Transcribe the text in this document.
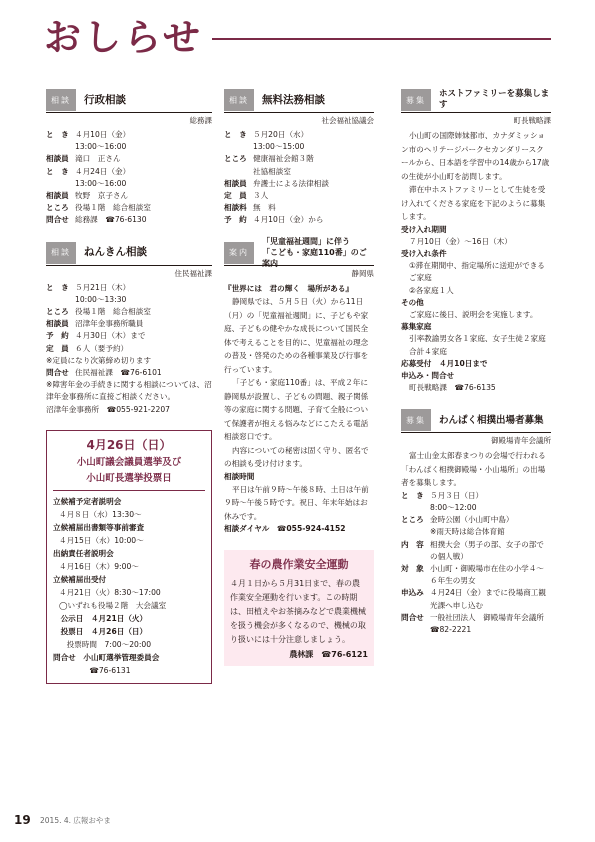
おしらせ
相談	行政相談
総務課
と　き ４月10日（金）
13:00〜16:00
相談員 滝口　正さん
と　き ４月24日（金）
13:00〜16:00
相談員 牧野　京子さん
ところ 役場１階　総合相談室
問合せ 総務課　☎76-6130
相談	ねんきん相談
住民福祉課
と　き ５月21日（木）
10:00〜13:30
ところ 役場１階　総合相談室
相談員 沼津年金事務所職員
予　約 ４月30日（木）まで
定　員 ６人（要予約）
※定員になり次第締め切ります
問合せ 住民福祉課　☎76-6101
※障害年金の手続きに関する相談については、沼津年金事務所に直接ご相談ください。
沼津年金事務所　☎055-921-2207
4月26日（日）
小山町議会議員選挙及び
小山町長選挙投票日
立候補予定者説明会
４月８日（水）13:30〜
立候補届出書類等事前審査
４月15日（水）10:00〜
出納責任者説明会
４月16日（木）9:00〜
立候補届出受付
４月21日（火）8:30〜17:00
◯いずれも役場２階　大会議室
　公示日　４月21日（火）
　投票日　４月26日（日）
　投票時間　7:00〜20:00
問合せ　小山町選挙管理委員会
　　　　☎76-6131
相談	無料法務相談
社会福祉協議会
と　き ５月20日（水）
13:00〜15:00
ところ 健康福祉会館３階
社協相談室
相談員 弁護士による法律相談
定　員 ３人
相談料 無　料
予　約 ４月10日（金）から
案内
「児童福祉週間」に伴う
「こども・家庭110番」のご案内
静岡県

『世界には　君の輝く　場所がある』

静岡県では、５月５日（火）から11日（月）の「児童福祉週間」に、子どもや家庭、子どもの健やかな成長について国民全体で考えることを目的に、児童福祉の理念の普及・啓発のための各種事業及び行事を行っています。

「子ども・家庭110番」は、平成２年に静岡県が設置し、子どもの問題、親子関係等の家庭に関する問題、子育て全般について保護者が抱える悩みなどにこたえる電話相談窓口です。

内容についての秘密は固く守り、匿名での相談も受け付けます。

相談時間

平日は午前９時〜午後８時、土日は午前９時〜午後５時です。祝日、年末年始はお休みです。

相談ダイヤル　☎055-924-4152
春の農作業安全運動
４月１日から５月31日まで、春の農作業安全運動を行います。この時期は、田植えやお茶摘みなどで農業機械を扱う機会が多くなるので、機械の取り扱いには十分注意しましょう。
農林課　☎76-6121
募集
ホストファミリーを募集します
町長戦略課

小山町の国際姉妹都市、カナダミッション市のヘリテージパークセカンダリースクールから、日本語を学習中の14歳から17歳の生徒が小山町を訪問します。

滞在中ホストファミリーとして生徒を受け入れてくださる家庭を下記のように募集します。

受け入れ期間
７月10日（金）〜16日（木）
受け入れ条件
①滞在期間中、指定場所に送迎ができるご家庭
②各家庭１人
その他
ご家庭に後日、説明会を実施します。
募集家庭
引率教諭男女各１家庭、女子生徒２家庭　合計４家庭
応募受付　４月10日まで
申込み・問合せ
町長戦略課　☎76-6135
募集	わんぱく相撲出場者募集
御殿場青年会議所

富士山金太郎春まつりの会場で行われる「わんぱく相撲御殿場・小山場所」の出場者を募集します。

と　き ５月３日（日）
8:00〜12:00
ところ 金時公園（小山町中島）
※雨天時は総合体育館
内　容 相撲大会（男子の部、女子の部での個人戦）
対　象 小山町・御殿場市在住の小学４〜６年生の男女
申込み ４月24日（金）までに役場商工観光課へ申し込む
問合せ 一般社団法人　御殿場青年会議所　☎82-2221
19 2015. 4. 広報おやま
